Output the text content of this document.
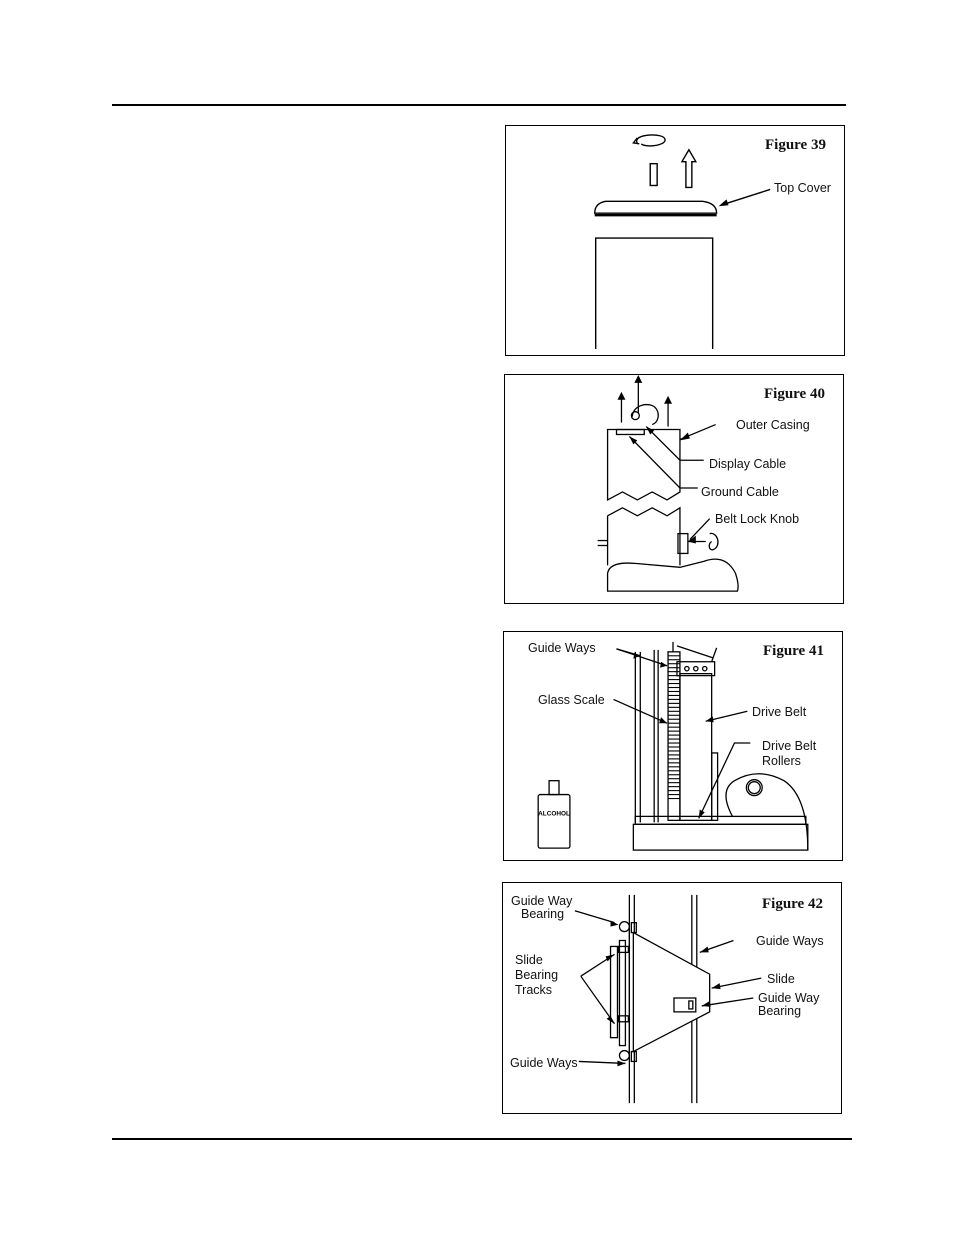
Figure 39
Top Cover
Figure 40
Outer Casing
Display Cable
Ground Cable
Belt Lock Knob
ALCOHOL
Figure 41
Guide Ways
Glass Scale
Drive Belt
Drive Belt
Rollers
Figure 42
Guide Way
Bearing
Slide
Bearing
Tracks
Guide Ways
Guide Ways
Slide
Guide Way
Bearing
